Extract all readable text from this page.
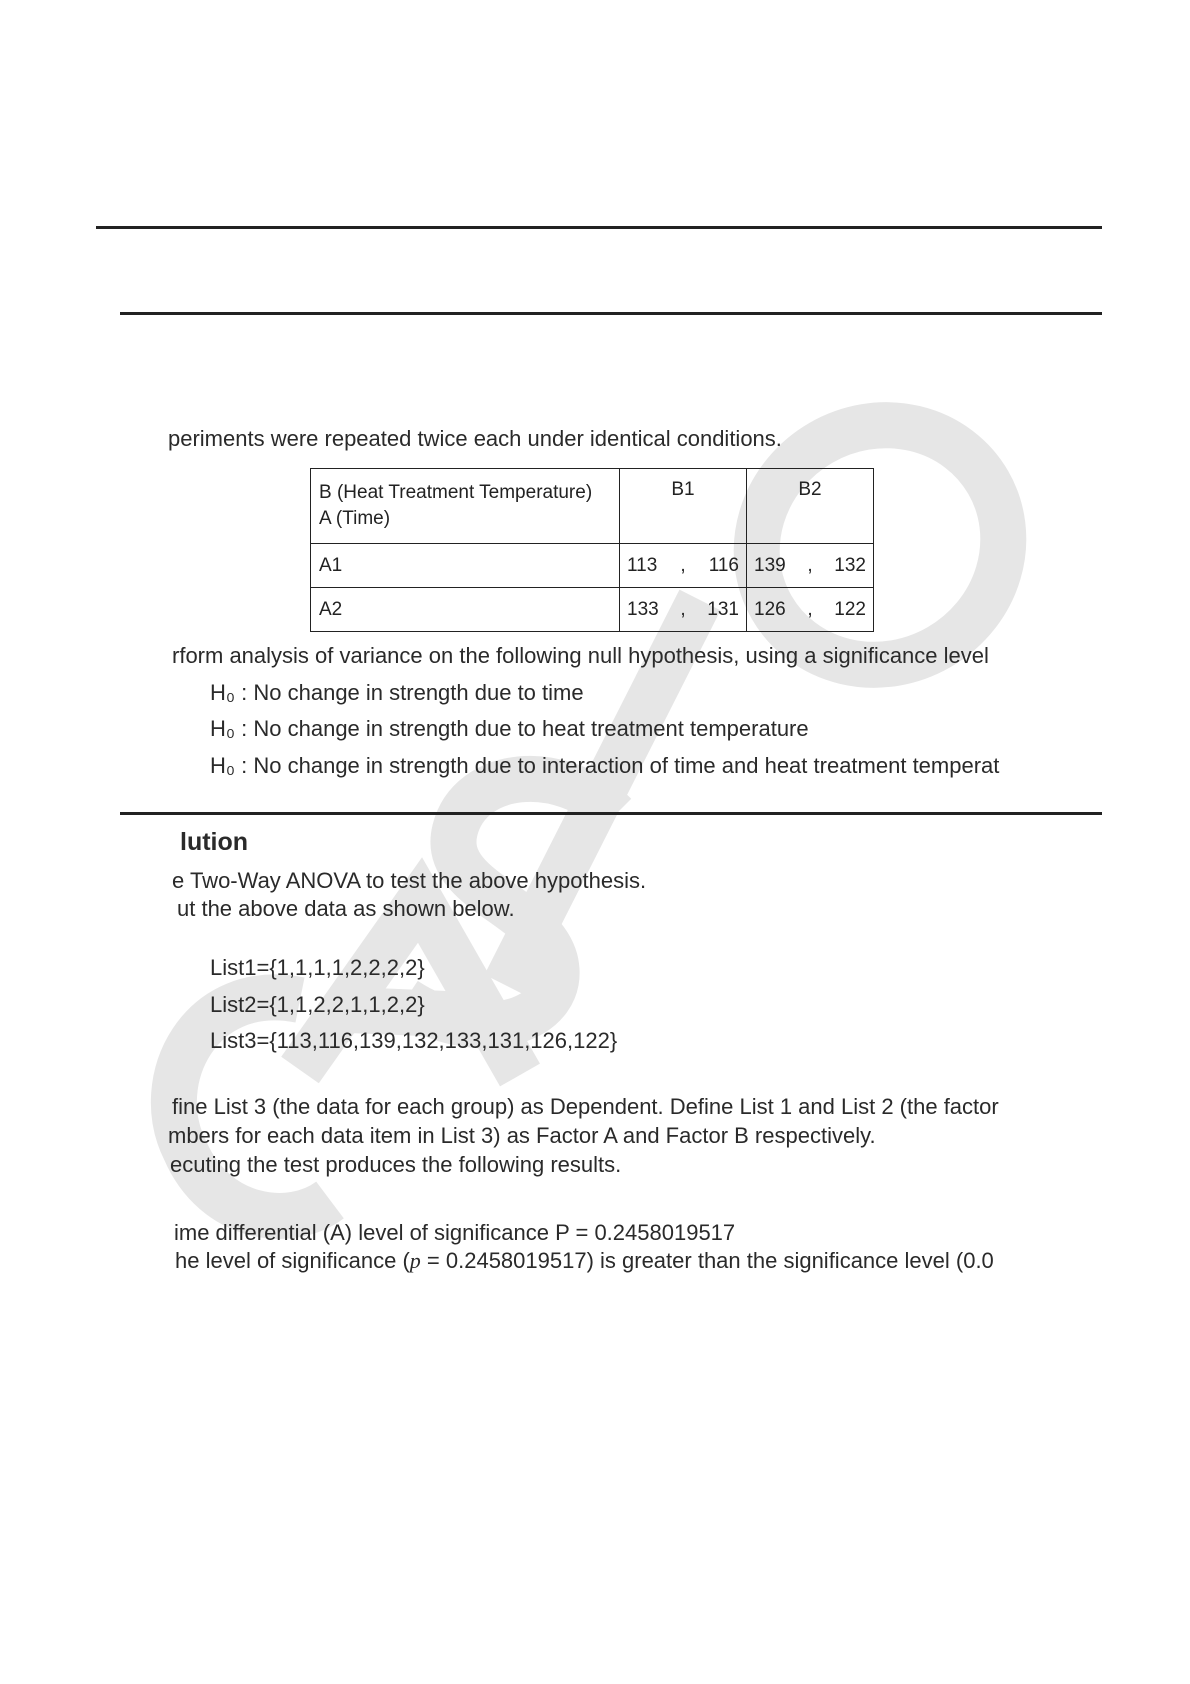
periments were repeated twice each under identical conditions.
B (Heat Treatment Temperature)
A (Time)	B1	B2
A1	113 , 116	139 , 132

A2	133 , 131	126 , 122
rform analysis of variance on the following null hypothesis, using a significance level
H₀ : No change in strength due to time
H₀ : No change in strength due to heat treatment temperature
H₀ : No change in strength due to interaction of time and heat treatment temperat
lution
e Two-Way ANOVA to test the above hypothesis.
ut the above data as shown below.
List1={1,1,1,1,2,2,2,2}
List2={1,1,2,2,1,1,2,2}
List3={113,116,139,132,133,131,126,122}
fine List 3 (the data for each group) as Dependent. Define List 1 and List 2 (the factor
mbers for each data item in List 3) as Factor A and Factor B respectively.
ecuting the test produces the following results.
ime differential (A) level of significance P = 0.2458019517
he level of significance (p = 0.2458019517) is greater than the significance level (0.0
